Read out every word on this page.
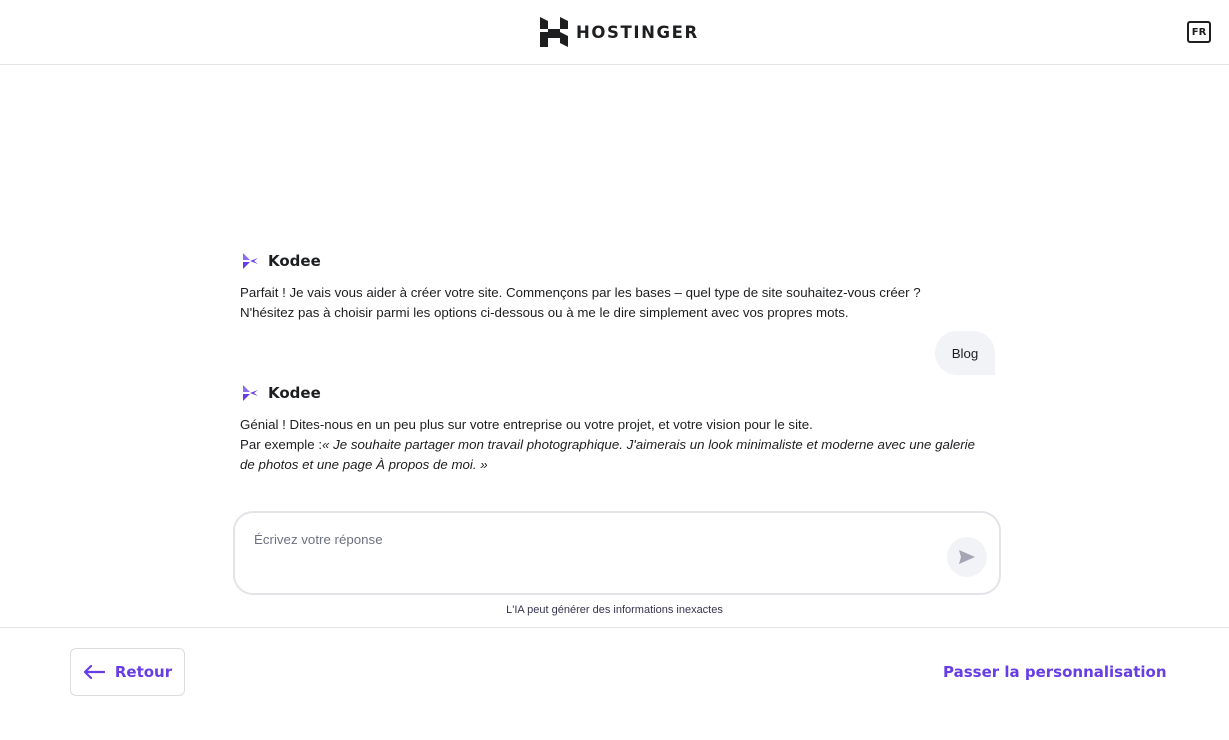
HOSTINGER	FR
Kodee
Parfait ! Je vais vous aider à créer votre site. Commençons par les bases – quel type de site souhaitez-vous créer ?
N'hésitez pas à choisir parmi les options ci-dessous ou à me le dire simplement avec vos propres mots.
Blog
Kodee
Génial ! Dites-nous en un peu plus sur votre entreprise ou votre projet, et votre vision pour le site.
Par exemple :« Je souhaite partager mon travail photographique. J'aimerais un look minimaliste et moderne avec une galerie de photos et une page À propos de moi. »
Écrivez votre réponse
L'IA peut générer des informations inexactes
Retour	Passer la personnalisation
